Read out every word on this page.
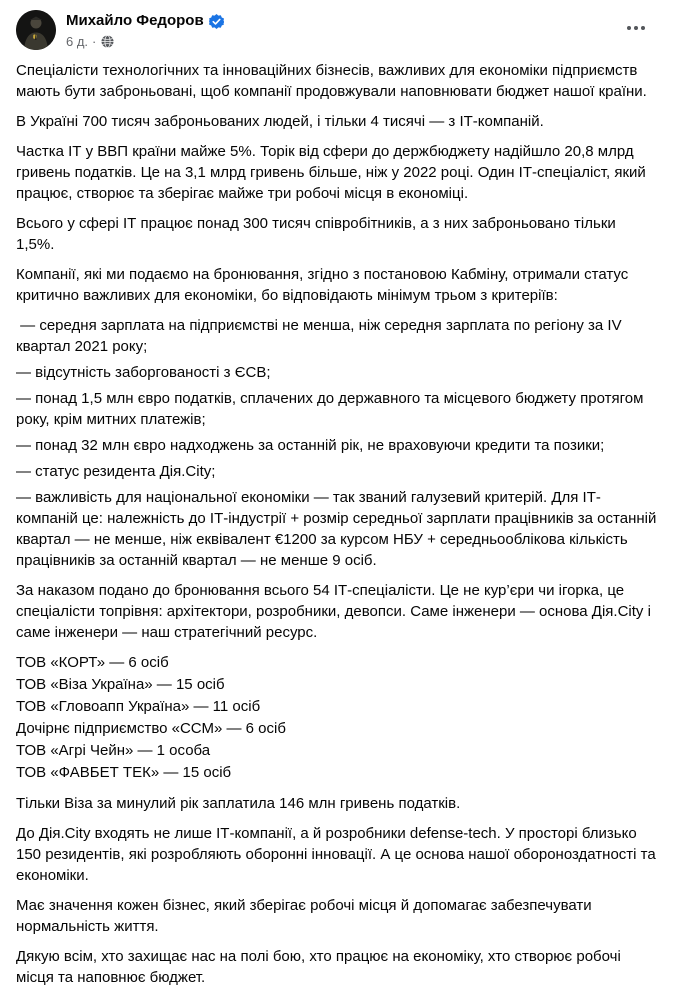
Михайло Федоров
6 д. ·

Спеціалісти технологічних та інноваційних бізнесів, важливих для економіки підприємств мають бути заброньовані, щоб компанії продовжували наповнювати бюджет нашої країни.

В Україні 700 тисяч заброньованих людей, і тільки 4 тисячі — з ІТ-компаній.

Частка ІТ у ВВП країни майже 5%. Торік від сфери до держбюджету надійшло 20,8 млрд гривень податків. Це на 3,1 млрд гривень більше, ніж у 2022 році. Один ІТ-спеціаліст, який працює, створює та зберігає майже три робочі місця в економіці.

Всього у сфері ІТ працює понад 300 тисяч співробітників, а з них заброньовано тільки 1,5%.

Компанії, які ми подаємо на бронювання, згідно з постановою Кабміну, отримали статус критично важливих для економіки, бо відповідають мінімум трьом з критеріїв:

— середня зарплата на підприємстві не менша, ніж середня зарплата по регіону за IV квартал 2021 року;

— відсутність заборгованості з ЄСВ;

— понад 1,5 млн євро податків, сплачених до державного та місцевого бюджету протягом року, крім митних платежів;

— понад 32 млн євро надходжень за останній рік, не враховуючи кредити та позики;

— статус резидента Дія.City;

— важливість для національної економіки — так званий галузевий критерій. Для ІТ-компаній це: належність до ІТ-індустрії + розмір середньої зарплати працівників за останній квартал — не менше, ніж еквівалент €1200 за курсом НБУ + середньооблікова кількість працівників за останній квартал — не менше 9 осіб.

За наказом подано до бронювання всього 54 ІТ-спеціалісти. Це не кур’єри чи ігорка, це спеціалісти топрівня: архітектори, розробники, девопси. Саме інженери — основа Дія.City і саме інженери — наш стратегічний ресурс.

ТОВ «КОРТ» — 6 осіб
ТОВ «Віза Україна» — 15 осіб
ТОВ «Гловоапп Україна» — 11 осіб
Дочірнє підприємство «ССМ» — 6 осіб
ТОВ «Агрі Чейн» — 1 особа
ТОВ «ФАВБЕТ ТЕК» — 15 осіб

Тільки Віза за минулий рік заплатила 146 млн гривень податків.

До Дія.City входять не лише ІТ-компанії, а й розробники defense-tech. У просторі близько 150 резидентів, які розробляють оборонні інновації. А це основа нашої обороноздатності та економіки.

Має значення кожен бізнес, який зберігає робочі місця й допомагає забезпечувати нормальність життя.

Дякую всім, хто захищає нас на полі бою, хто працює на економіку, хто створює робочі місця та наповнює бюджет.
